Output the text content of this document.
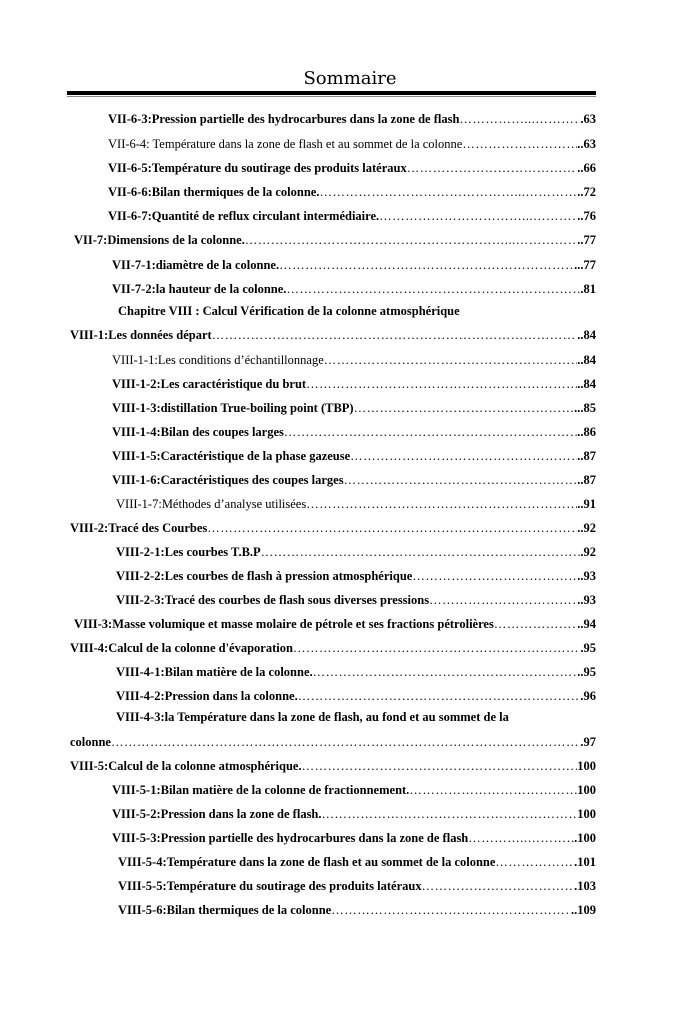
Sommaire
VII-6-3:Pression partielle des hydrocarbures dans la zone de flash ……………... ………………………………………………………………………………………………………………………………………	.63
VII-6-4: Température dans la zone de flash et au sommet de la colonne ………… ………………………………………………………………………………………………………………………………………	..63
VII-6-5:Température du soutirage des produits latéraux ……………………… ………………………………………………………………………………………………………………………………………	..66
VII-6-6:Bilan thermiques de la colonne. ………………………………………... ………………………………………………………………………………………………………………………………………	..72
VII-6-7:Quantité de reflux circulant intermédiaire. ……………………………... ………………………………………………………………………………………………………………………………………	..76
VII-7:Dimensions de la colonne. ……………………………………………………... ………………………………………………………………………………………………………………………………………	..77
VII-7-1:diamètre de la colonne. ……………………………………………… ………………………………………………………………………………………………………………………………………	...77
VII-7-2:la hauteur de la colonne. …………………………………………… ………………………………………………………………………………………………………………………………………	.81
Chapitre VIII : Calcul Vérification de la colonne atmosphérique
VIII-1:Les données départ ………………………………………………………… ………………………………………………………………………………………………………………………………………	..84
VIII-1-1:Les conditions d’échantillonnage ………………………………… ………………………………………………………………………………………………………………………………………	..84
VIII-1-2:Les caractéristique du brut …………………………………… ………………………………………………………………………………………………………………………………………	..84
VIII-1-3:distillation True-boiling point (TBP) ………………………… ………………………………………………………………………………………………………………………………………	...85
VIII-1-4:Bilan des coupes larges ………………………………………… ………………………………………………………………………………………………………………………………………	..86
VIII-1-5:Caractéristique de la phase gazeuse …………………………… ………………………………………………………………………………………………………………………………………	..87
VIII-1-6:Caractéristiques des coupes larges ………………………………… ………………………………………………………………………………………………………………………………………	..87
VIII-1-7:Méthodes d’analyse utilisées ……………………………………… ………………………………………………………………………………………………………………………………………	..91
VIII-2:Tracé des Courbes …………………………………………………………… ………………………………………………………………………………………………………………………………………	..92
VIII-2-1:Les courbes T.B.P …………………………………………………… ………………………………………………………………………………………………………………………………………	.92
VIII-2-2:Les courbes de flash à pression atmosphérique ……………………… ………………………………………………………………………………………………………………………………………	..93
VIII-2-3:Tracé des courbes de flash sous diverses pressions ………………… ………………………………………………………………………………………………………………………………………	..93
VIII-3:Masse volumique et masse molaire de pétrole et ses fractions pétrolières … ………………………………………………………………………………………………………………………………………	..94
VIII-4:Calcul de la colonne d'évaporation …………………………………………… ………………………………………………………………………………………………………………………………………	.95
VIII-4-1:Bilan matière de la colonne. …………………………………………… ………………………………………………………………………………………………………………………………………	..95
VIII-4-2:Pression dans la colonne. ………………………………………… ………………………………………………………………………………………………………………………………………	.96
VIII-4-3:la Température dans la zone de flash, au fond et au sommet de la
colonne ………………………………………………………………………… ………………………………………………………………………………………………………………………………………	.97
VIII-5:Calcul de la colonne atmosphérique. ………………………………………… ………………………………………………………………………………………………………………………………………	100
VIII-5-1:Bilan matière de la colonne de fractionnement. ………………………… ………………………………………………………………………………………………………………………………………	100
VIII-5-2:Pression dans la zone de flash. ………………………………………… ………………………………………………………………………………………………………………………………………	100
VIII-5-3:Pression partielle des hydrocarbures dans la zone de flash ………….. ………………………………………………………………………………………………………………………………………	.100
VIII-5-4:Température dans la zone de flash et au sommet de la colonne …… ………………………………………………………………………………………………………………………………………	.101
VIII-5-5:Température du soutirage des produits latéraux ……………………… ………………………………………………………………………………………………………………………………………	.103
VIII-5-6:Bilan thermiques de la colonne ……………………………………… ………………………………………………………………………………………………………………………………………	..109
